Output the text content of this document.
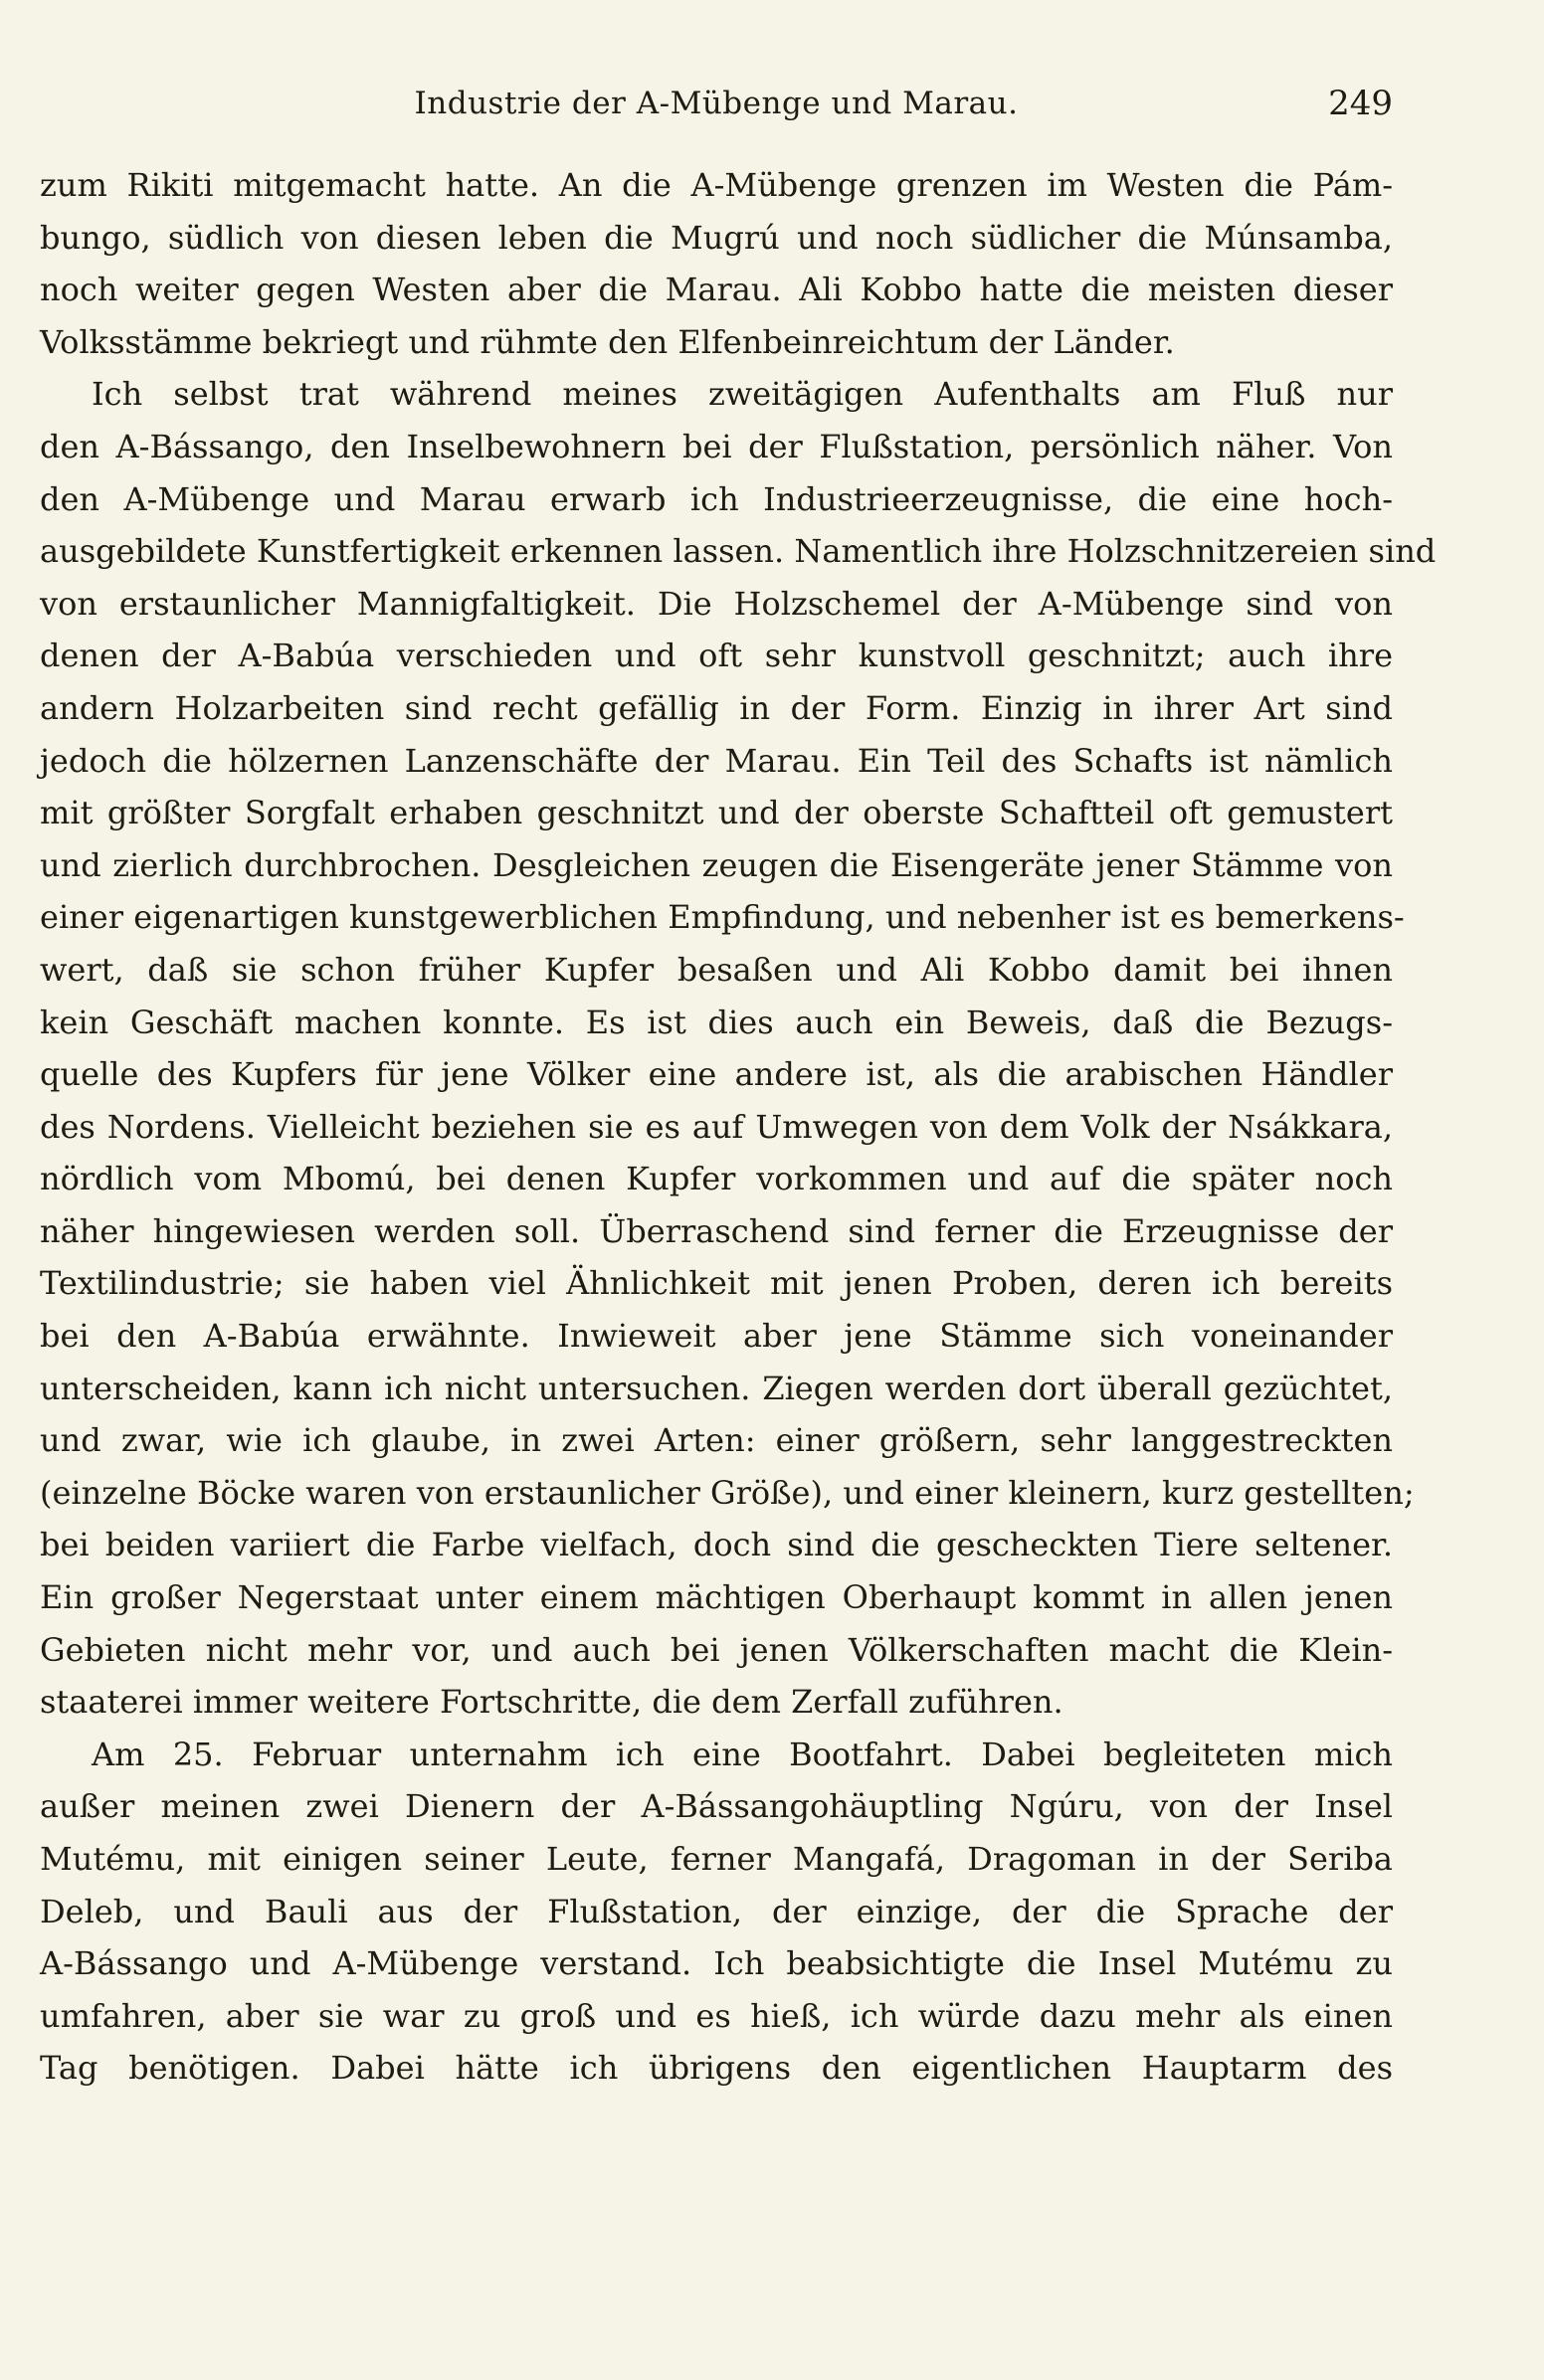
Industrie der A-Mübenge und Marau.	249
zum Rikiti mitgemacht hatte. An die A-Mübenge grenzen im Westen die Pám-
bungo, südlich von diesen leben die Mugrú und noch südlicher die Múnsamba,
noch weiter gegen Westen aber die Marau. Ali Kobbo hatte die meisten dieser
Volksstämme bekriegt und rühmte den Elfenbeinreichtum der Länder.
Ich selbst trat während meines zweitägigen Aufenthalts am Fluß nur
den A-Bássango, den Inselbewohnern bei der Flußstation, persönlich näher. Von
den A-Mübenge und Marau erwarb ich Industrieerzeugnisse, die eine hoch-
ausgebildete Kunstfertigkeit erkennen lassen. Namentlich ihre Holzschnitzereien sind
von erstaunlicher Mannigfaltigkeit. Die Holzschemel der A-Mübenge sind von
denen der A-Babúa verschieden und oft sehr kunstvoll geschnitzt; auch ihre
andern Holzarbeiten sind recht gefällig in der Form. Einzig in ihrer Art sind
jedoch die hölzernen Lanzenschäfte der Marau. Ein Teil des Schafts ist nämlich
mit größter Sorgfalt erhaben geschnitzt und der oberste Schaftteil oft gemustert
und zierlich durchbrochen. Desgleichen zeugen die Eisengeräte jener Stämme von
einer eigenartigen kunstgewerblichen Empfindung, und nebenher ist es bemerkens-
wert, daß sie schon früher Kupfer besaßen und Ali Kobbo damit bei ihnen
kein Geschäft machen konnte. Es ist dies auch ein Beweis, daß die Bezugs-
quelle des Kupfers für jene Völker eine andere ist, als die arabischen Händler
des Nordens. Vielleicht beziehen sie es auf Umwegen von dem Volk der Nsákkara,
nördlich vom Mbomú, bei denen Kupfer vorkommen und auf die später noch
näher hingewiesen werden soll. Überraschend sind ferner die Erzeugnisse der
Textilindustrie; sie haben viel Ähnlichkeit mit jenen Proben, deren ich bereits
bei den A-Babúa erwähnte. Inwieweit aber jene Stämme sich voneinander
unterscheiden, kann ich nicht untersuchen. Ziegen werden dort überall gezüchtet,
und zwar, wie ich glaube, in zwei Arten: einer größern, sehr langgestreckten
(einzelne Böcke waren von erstaunlicher Größe), und einer kleinern, kurz gestellten;
bei beiden variiert die Farbe vielfach, doch sind die gescheckten Tiere seltener.
Ein großer Negerstaat unter einem mächtigen Oberhaupt kommt in allen jenen
Gebieten nicht mehr vor, und auch bei jenen Völkerschaften macht die Klein-
staaterei immer weitere Fortschritte, die dem Zerfall zuführen.
Am 25. Februar unternahm ich eine Bootfahrt. Dabei begleiteten mich
außer meinen zwei Dienern der A-Bássangohäuptling Ngúru, von der Insel
Mutému, mit einigen seiner Leute, ferner Mangafá, Dragoman in der Seriba
Deleb, und Bauli aus der Flußstation, der einzige, der die Sprache der
A-Bássango und A-Mübenge verstand. Ich beabsichtigte die Insel Mutému zu
umfahren, aber sie war zu groß und es hieß, ich würde dazu mehr als einen
Tag benötigen. Dabei hätte ich übrigens den eigentlichen Hauptarm des
